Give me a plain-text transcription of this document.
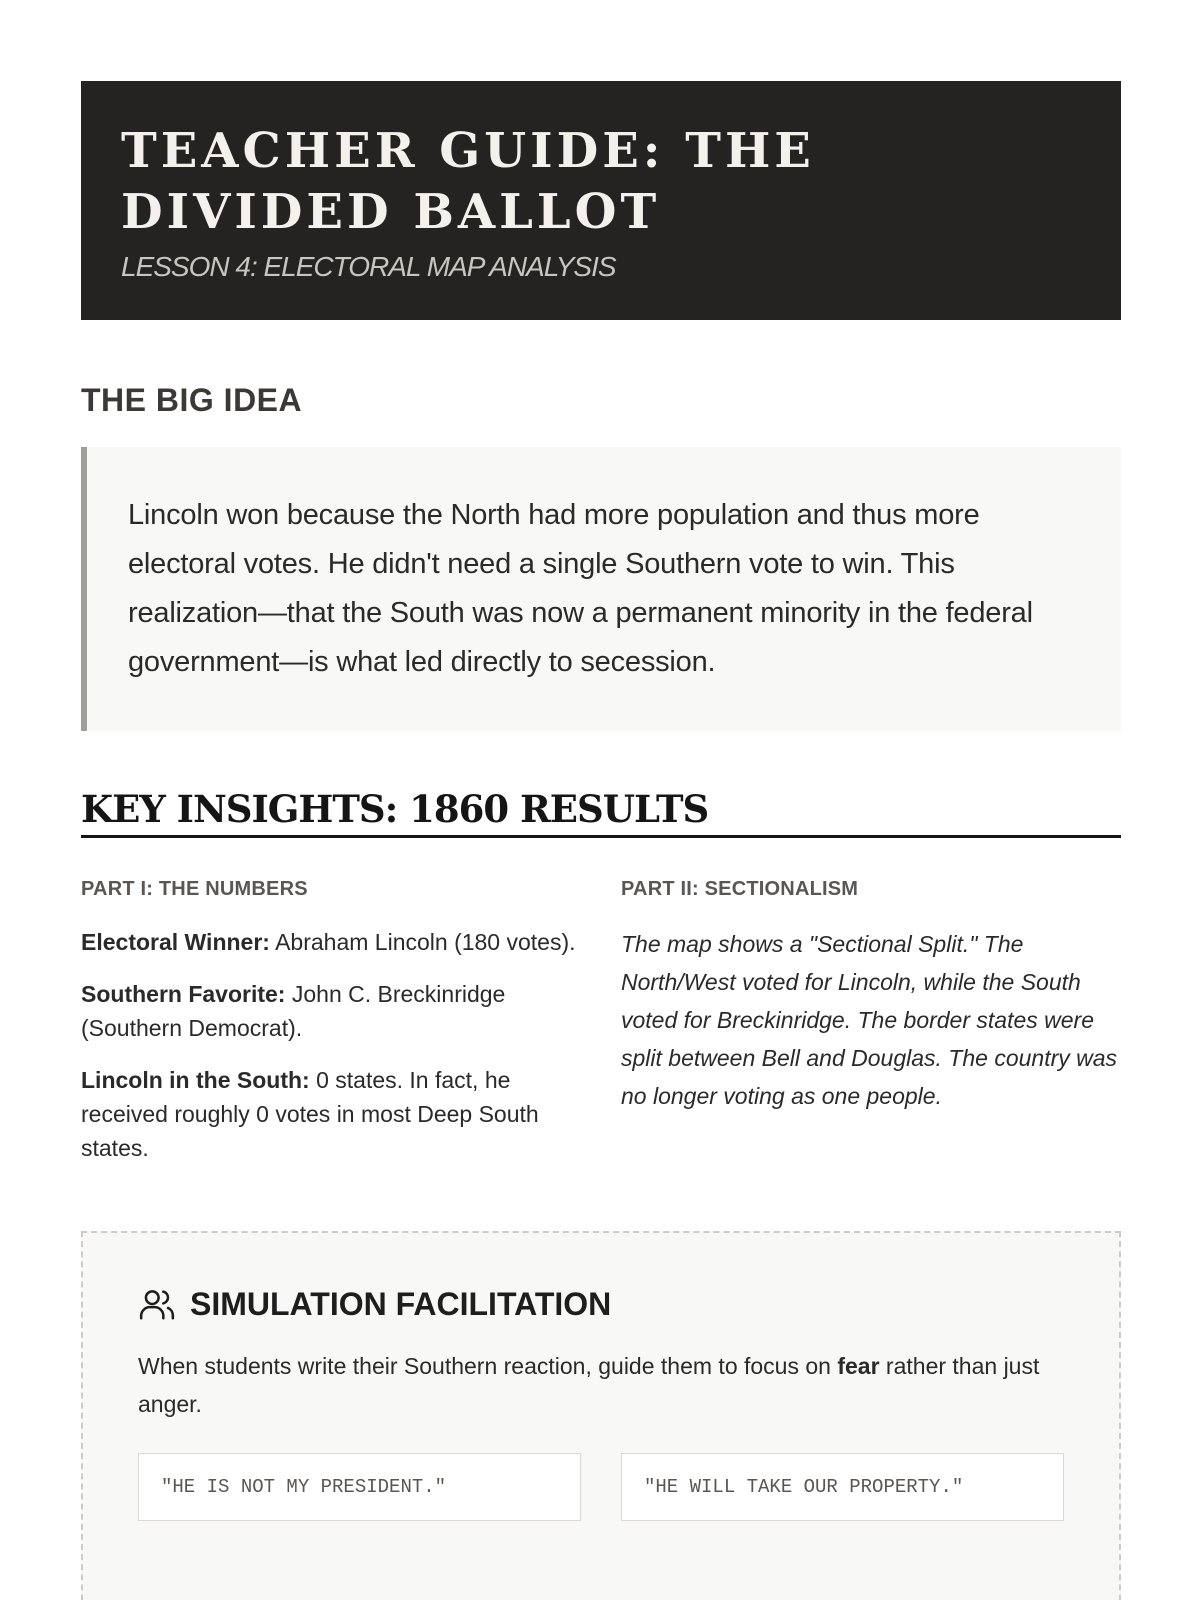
TEACHER GUIDE: THE DIVIDED BALLOT
LESSON 4: ELECTORAL MAP ANALYSIS
THE BIG IDEA
Lincoln won because the North had more population and thus more electoral votes. He didn't need a single Southern vote to win. This realization—that the South was now a permanent minority in the federal government—is what led directly to secession.
KEY INSIGHTS: 1860 RESULTS
PART I: THE NUMBERS
Electoral Winner: Abraham Lincoln (180 votes).
Southern Favorite: John C. Breckinridge (Southern Democrat).
Lincoln in the South: 0 states. In fact, he received roughly 0 votes in most Deep South states.
PART II: SECTIONALISM
The map shows a "Sectional Split." The North/West voted for Lincoln, while the South voted for Breckinridge. The border states were split between Bell and Douglas. The country was no longer voting as one people.
SIMULATION FACILITATION
When students write their Southern reaction, guide them to focus on fear rather than just anger.
"HE IS NOT MY PRESIDENT."	"HE WILL TAKE OUR PROPERTY."
